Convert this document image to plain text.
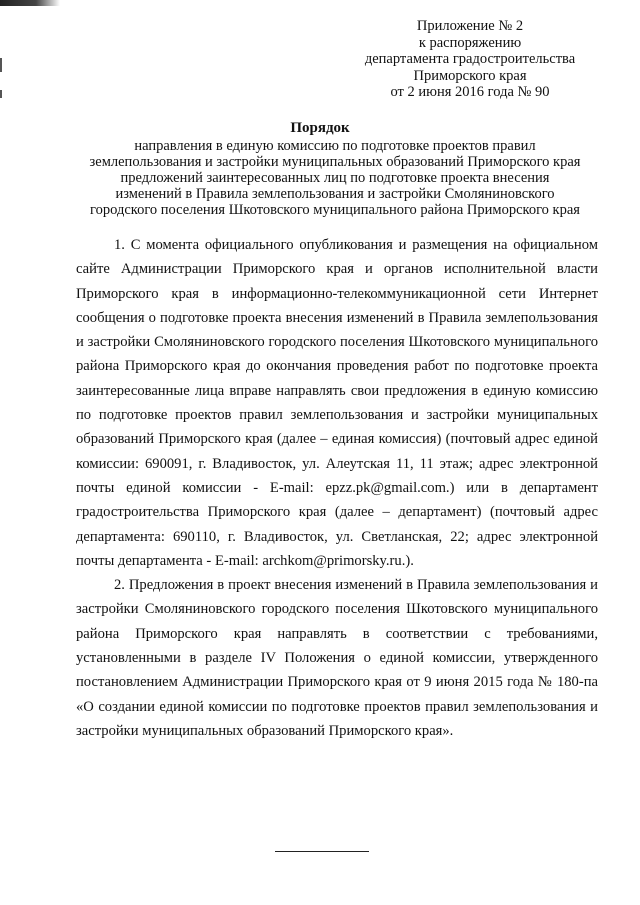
Приложение № 2
к распоряжению
департамента градостроительства
Приморского края
от 2 июня 2016 года № 90
Порядок
направления в единую комиссию по подготовке проектов правил
землепользования и застройки муниципальных образований Приморского края
предложений заинтересованных лиц по подготовке проекта внесения
изменений в Правила землепользования и застройки Смоляниновского
городского поселения Шкотовского муниципального района Приморского края

1. С момента официального опубликования и размещения на официальном сайте Администрации Приморского края и органов исполнительной власти Приморского края в информационно-телекоммуникационной сети Интернет сообщения о подготовке проекта внесения изменений в Правила землепользования и застройки Смоляниновского городского поселения Шкотовского муниципального района Приморского края до окончания проведения работ по подготовке проекта заинтересованные лица вправе направлять свои предложения в единую комиссию по подготовке проектов правил землепользования и застройки муниципальных образований Приморского края (далее – единая комиссия) (почтовый адрес единой комиссии: 690091, г. Владивосток, ул. Алеутская 11, 11 этаж; адрес электронной почты единой комиссии - E-mail: epzz.pk@gmail.com.) или в департамент градостроительства Приморского края (далее – департамент) (почтовый адрес департамента: 690110, г. Владивосток, ул. Светланская, 22; адрес электронной почты департамента - E-mail: archkom@primorsky.ru.).

2. Предложения в проект внесения изменений в Правила землепользования и застройки Смоляниновского городского поселения Шкотовского муниципального района Приморского края направлять в соответствии с требованиями, установленными в разделе IV Положения о единой комиссии, утвержденного постановлением Администрации Приморского края от 9 июня 2015 года № 180-па «О создании единой комиссии по подготовке проектов правил землепользования и застройки муниципальных образований Приморского края».
